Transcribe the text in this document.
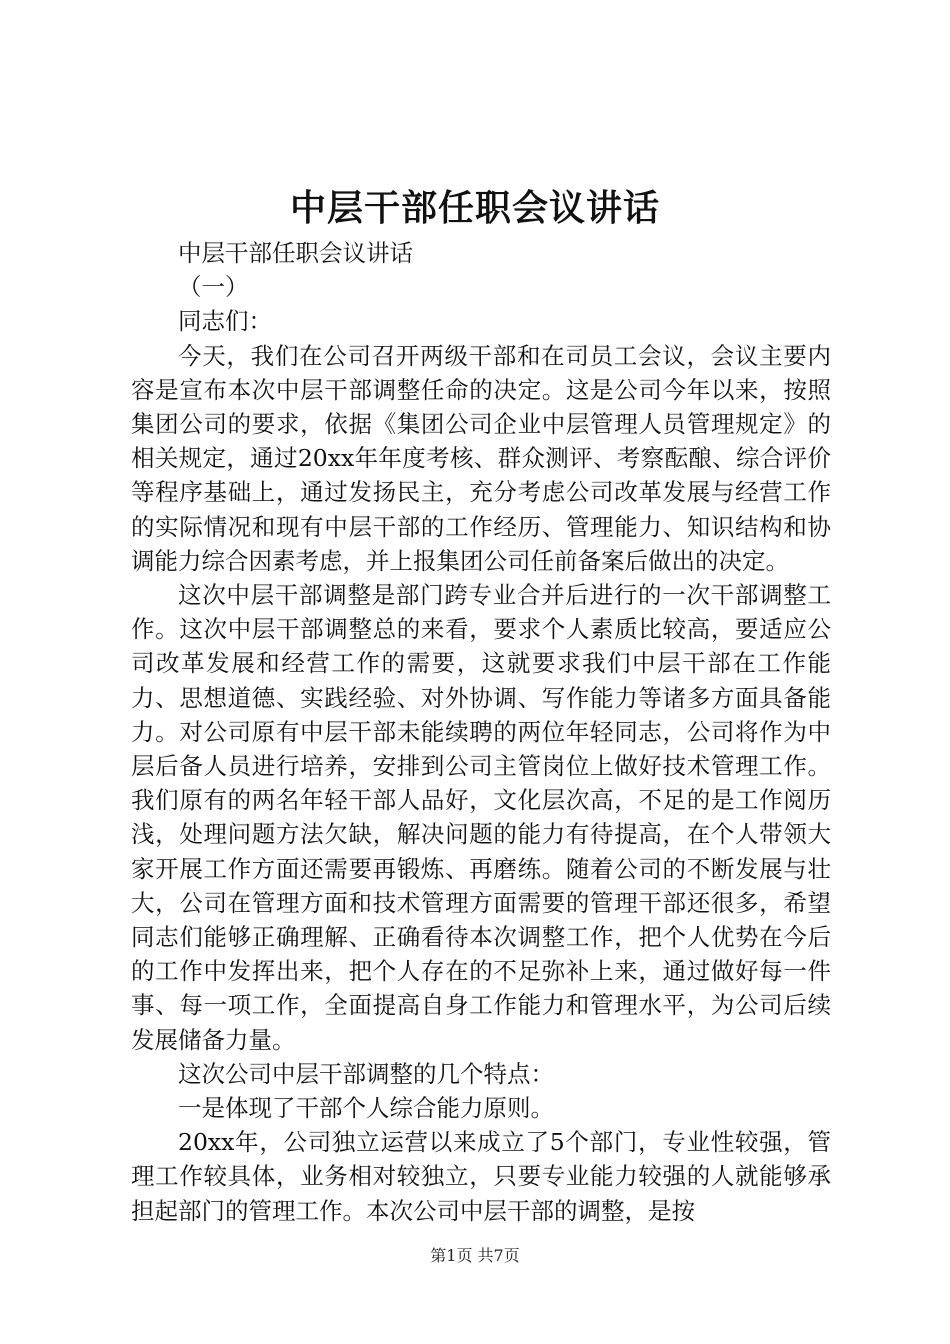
中层干部任职会议讲话

中层干部任职会议讲话

（一）

同志们：

今天，我们在公司召开两级干部和在司员工会议，会议主要内容是宣布本次中层干部调整任命的决定。这是公司今年以来，按照集团公司的要求，依据《集团公司企业中层管理人员管理规定》的相关规定，通过20xx年年度考核、群众测评、考察酝酿、综合评价等程序基础上，通过发扬民主，充分考虑公司改革发展与经营工作的实际情况和现有中层干部的工作经历、管理能力、知识结构和协调能力综合因素考虑，并上报集团公司任前备案后做出的决定。

这次中层干部调整是部门跨专业合并后进行的一次干部调整工作。这次中层干部调整总的来看，要求个人素质比较高，要适应公司改革发展和经营工作的需要，这就要求我们中层干部在工作能力、思想道德、实践经验、对外协调、写作能力等诸多方面具备能力。对公司原有中层干部未能续聘的两位年轻同志，公司将作为中层后备人员进行培养，安排到公司主管岗位上做好技术管理工作。我们原有的两名年轻干部人品好，文化层次高，不足的是工作阅历浅，处理问题方法欠缺，解决问题的能力有待提高，在个人带领大家开展工作方面还需要再锻炼、再磨练。随着公司的不断发展与壮大，公司在管理方面和技术管理方面需要的管理干部还很多，希望同志们能够正确理解、正确看待本次调整工作，把个人优势在今后的工作中发挥出来，把个人存在的不足弥补上来，通过做好每一件事、每一项工作，全面提高自身工作能力和管理水平，为公司后续发展储备力量。

这次公司中层干部调整的几个特点：

一是体现了干部个人综合能力原则。

20xx年，公司独立运营以来成立了5个部门，专业性较强，管理工作较具体，业务相对较独立，只要专业能力较强的人就能够承担起部门的管理工作。本次公司中层干部的调整，是按

第1页 共7页
